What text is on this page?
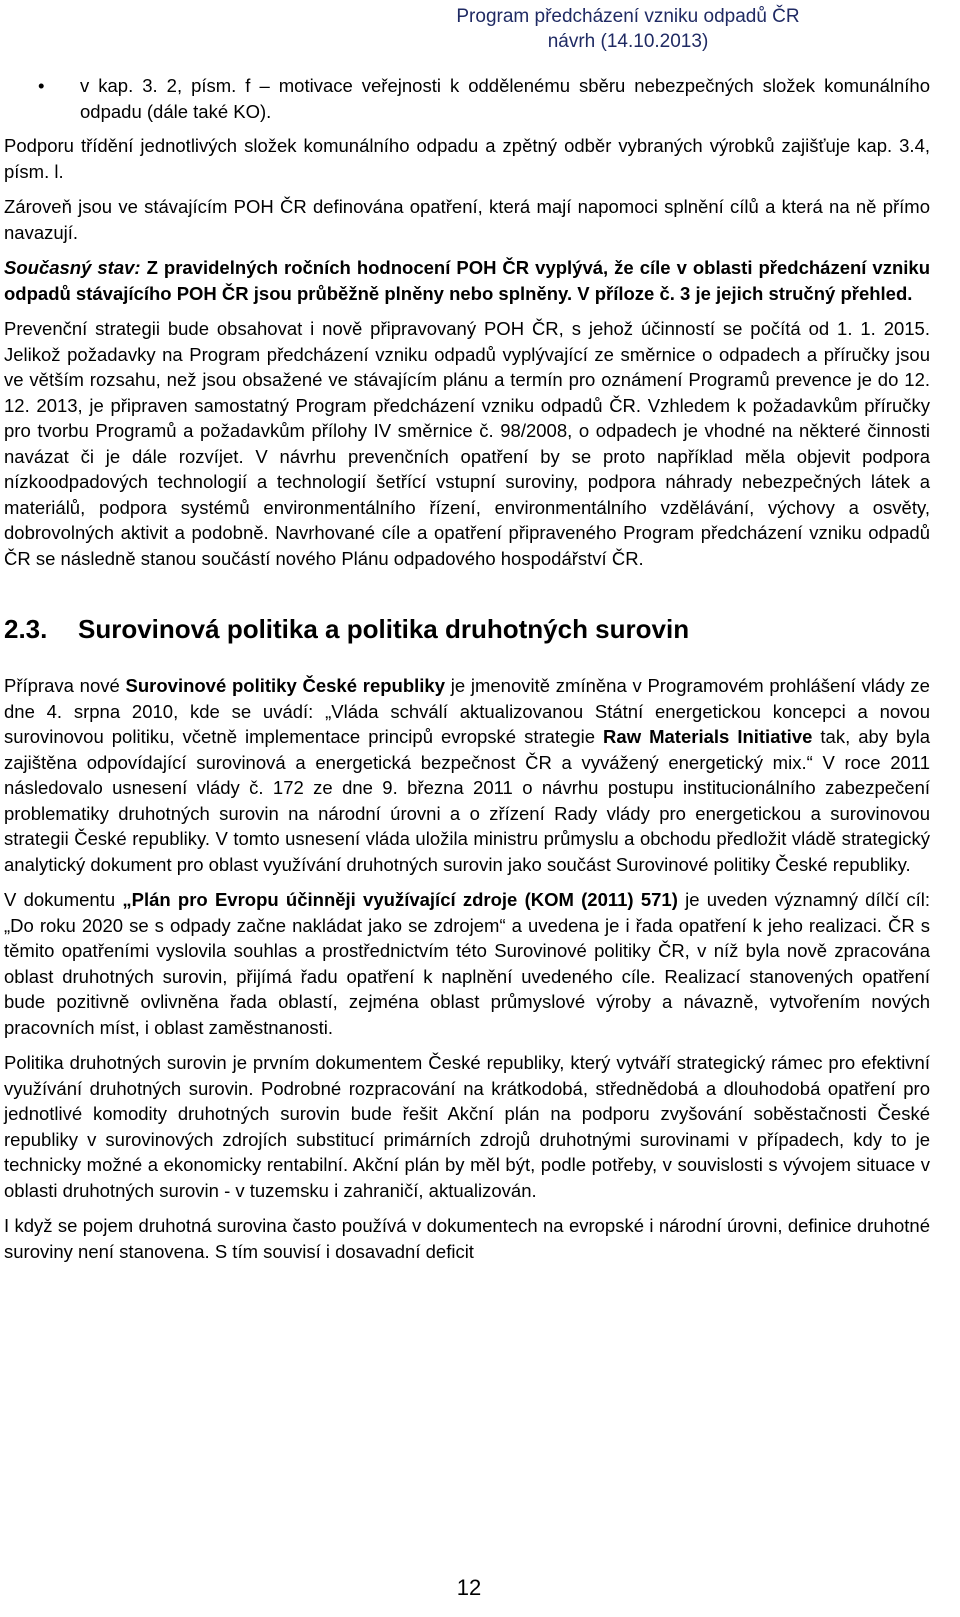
Program předcházení vzniku odpadů ČR
návrh (14.10.2013)
• v kap. 3. 2, písm. f – motivace veřejnosti k oddělenému sběru nebezpečných složek komunálního odpadu (dále také KO).

Podporu třídění jednotlivých složek komunálního odpadu a zpětný odběr vybraných výrobků zajišťuje kap. 3.4, písm. l.

Zároveň jsou ve stávajícím POH ČR definována opatření, která mají napomoci splnění cílů a která na ně přímo navazují.

Současný stav: Z pravidelných ročních hodnocení POH ČR vyplývá, že cíle v oblasti předcházení vzniku odpadů stávajícího POH ČR jsou průběžně plněny nebo splněny. V příloze č. 3 je jejich stručný přehled.

Prevenční strategii bude obsahovat i nově připravovaný POH ČR, s jehož účinností se počítá od 1. 1. 2015. Jelikož požadavky na Program předcházení vzniku odpadů vyplývající ze směrnice o odpadech a příručky jsou ve větším rozsahu, než jsou obsažené ve stávajícím plánu a termín pro oznámení Programů prevence je do 12. 12. 2013, je připraven samostatný Program předcházení vzniku odpadů ČR. Vzhledem k požadavkům příručky pro tvorbu Programů a požadavkům přílohy IV směrnice č. 98/2008, o odpadech je vhodné na některé činnosti navázat či je dále rozvíjet. V návrhu prevenčních opatření by se proto například měla objevit podpora nízkoodpadových technologií a technologií šetřící vstupní suroviny, podpora náhrady nebezpečných látek a materiálů, podpora systémů environmentálního řízení, environmentálního vzdělávání, výchovy a osvěty, dobrovolných aktivit a podobně. Navrhované cíle a opatření připraveného Program předcházení vzniku odpadů ČR se následně stanou součástí nového Plánu odpadového hospodářství ČR.

2.3. Surovinová politika a politika druhotných surovin

Příprava nové Surovinové politiky České republiky je jmenovitě zmíněna v Programovém prohlášení vlády ze dne 4. srpna 2010, kde se uvádí: „Vláda schválí aktualizovanou Státní energetickou koncepci a novou surovinovou politiku, včetně implementace principů evropské strategie Raw Materials Initiative tak, aby byla zajištěna odpovídající surovinová a energetická bezpečnost ČR a vyvážený energetický mix.“ V roce 2011 následovalo usnesení vlády č. 172 ze dne 9. března 2011 o návrhu postupu institucionálního zabezpečení problematiky druhotných surovin na národní úrovni a o zřízení Rady vlády pro energetickou a surovinovou strategii České republiky. V tomto usnesení vláda uložila ministru průmyslu a obchodu předložit vládě strategický analytický dokument pro oblast využívání druhotných surovin jako součást Surovinové politiky České republiky.

V dokumentu „Plán pro Evropu účinněji využívající zdroje (KOM (2011) 571) je uveden významný dílčí cíl: „Do roku 2020 se s odpady začne nakládat jako se zdrojem“ a uvedena je i řada opatření k jeho realizaci. ČR s těmito opatřeními vyslovila souhlas a prostřednictvím této Surovinové politiky ČR, v níž byla nově zpracována oblast druhotných surovin, přijímá řadu opatření k naplnění uvedeného cíle. Realizací stanovených opatření bude pozitivně ovlivněna řada oblastí, zejména oblast průmyslové výroby a návazně, vytvořením nových pracovních míst, i oblast zaměstnanosti.

Politika druhotných surovin je prvním dokumentem České republiky, který vytváří strategický rámec pro efektivní využívání druhotných surovin. Podrobné rozpracování na krátkodobá, střednědobá a dlouhodobá opatření pro jednotlivé komodity druhotných surovin bude řešit Akční plán na podporu zvyšování soběstačnosti České republiky v surovinových zdrojích substitucí primárních zdrojů druhotnými surovinami v případech, kdy to je technicky možné a ekonomicky rentabilní. Akční plán by měl být, podle potřeby, v souvislosti s vývojem situace v oblasti druhotných surovin - v tuzemsku i zahraničí, aktualizován.

I když se pojem druhotná surovina často používá v dokumentech na evropské i národní úrovni, definice druhotné suroviny není stanovena. S tím souvisí i dosavadní deficit

12
